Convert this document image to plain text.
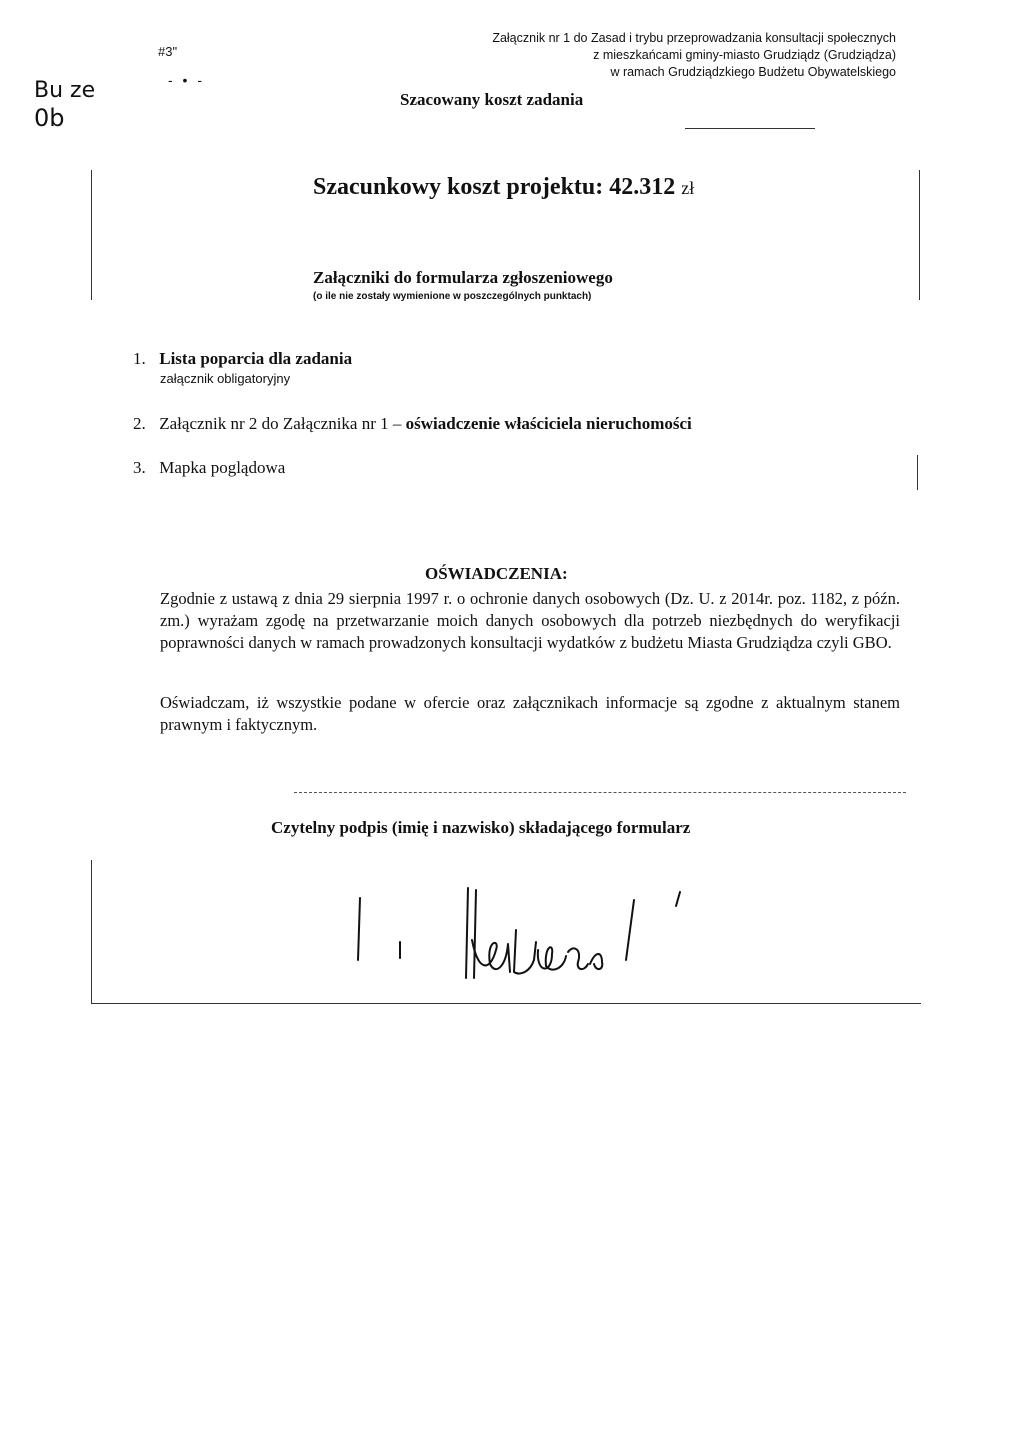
Bu ze
0b
#3"
- • -
Załącznik nr 1 do Zasad i trybu przeprowadzania konsultacji społecznych
z mieszkańcami gminy-miasto Grudziądz (Grudziądza)
w ramach Grudziądzkiego Budżetu Obywatelskiego
Szacowany koszt zadania
Szacunkowy koszt projektu: 42.312 zł
Załączniki do formularza zgłoszeniowego
(o ile nie zostały wymienione w poszczególnych punktach)
1. Lista poparcia dla zadania
załącznik obligatoryjny
2. Załącznik nr 2 do Załącznika nr 1 – oświadczenie właściciela nieruchomości
3. Mapka poglądowa
OŚWIADCZENIA:
Zgodnie z ustawą z dnia 29 sierpnia 1997 r. o ochronie danych osobowych (Dz. U. z 2014r. poz. 1182, z późn. zm.) wyrażam zgodę na przetwarzanie moich danych osobowych dla potrzeb niezbędnych do weryfikacji poprawności danych w ramach prowadzonych konsultacji wydatków z budżetu Miasta Grudziądza czyli GBO.
Oświadczam, iż wszystkie podane w ofercie oraz załącznikach informacje są zgodne z aktualnym stanem prawnym i faktycznym.
Czytelny podpis (imię i nazwisko) składającego formularz
